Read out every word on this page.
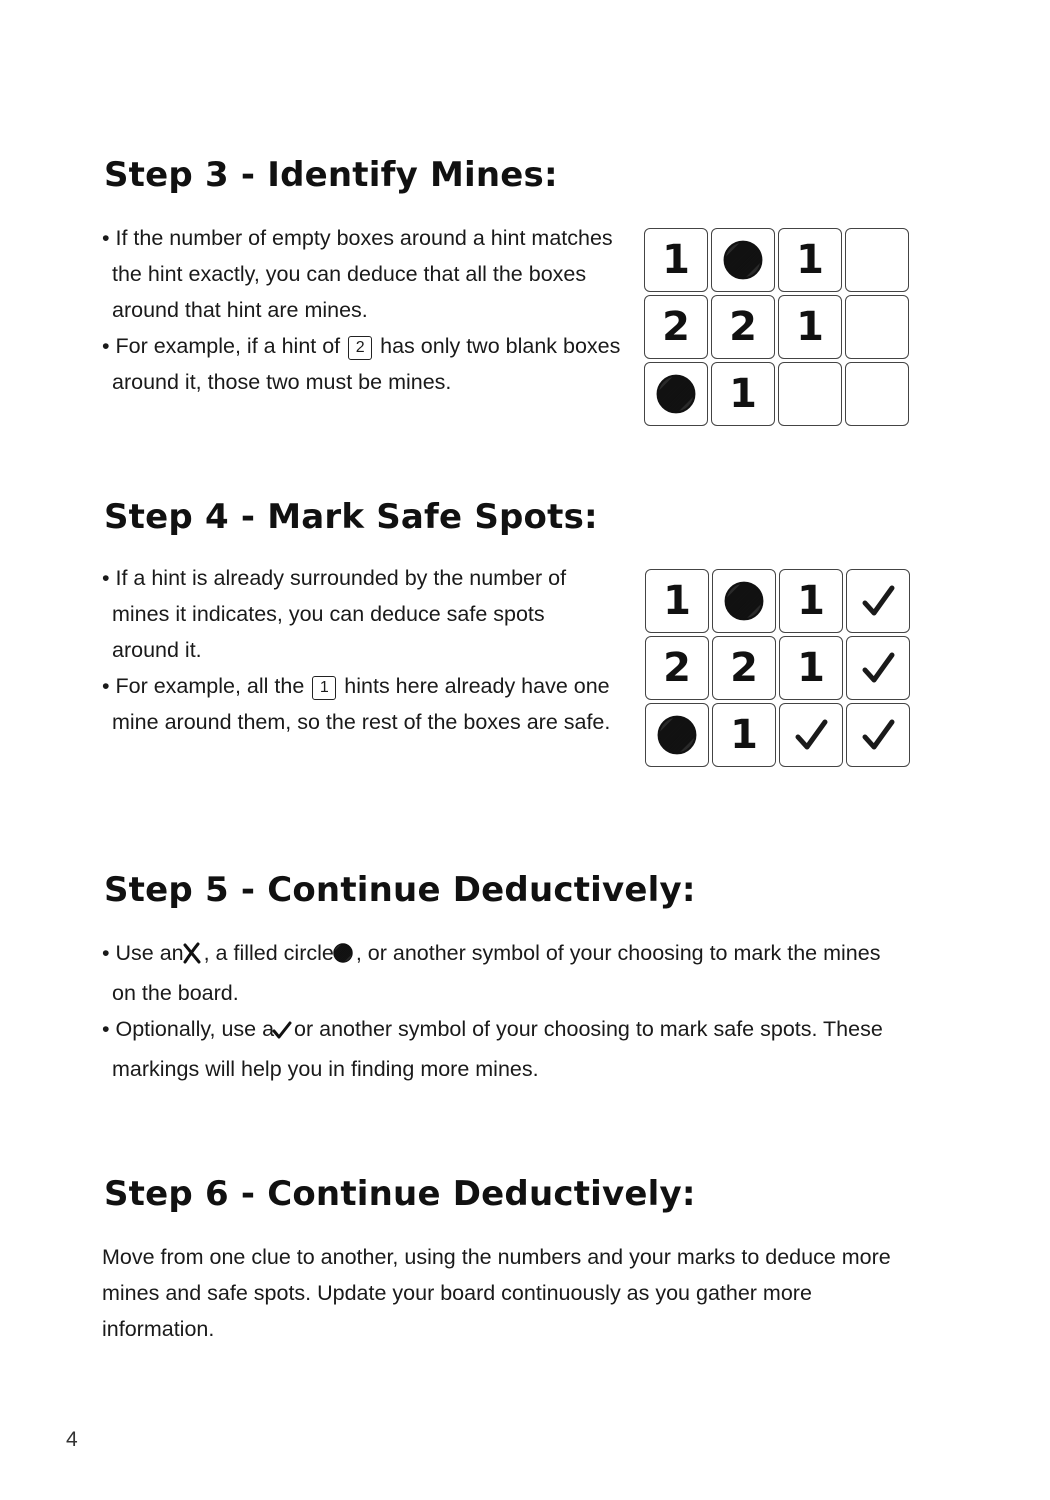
Step 3 - Identify Mines:
• If the number of empty boxes around a hint matches the hint exactly, you can deduce that all the boxes around that hint are mines.
• For example, if a hint of 2 has only two blank boxes around it, those two must be mines.
1	1
2 2 1
1
Step 4 - Mark Safe Spots:
• If a hint is already surrounded by the number of mines it indicates, you can deduce safe spots around it.
• For example, all the 1 hints here already have one mine around them, so the rest of the boxes are safe.
1	1
2 2 1
1
Step 5 - Continue Deductively:
• Use an , a filled circle , or another symbol of your choosing to mark the mines on the board.
• Optionally, use a or another symbol of your choosing to mark safe spots. These markings will help you in finding more mines.
Step 6 - Continue Deductively:
Move from one clue to another, using the numbers and your marks to deduce more mines and safe spots. Update your board continuously as you gather more information.
4
